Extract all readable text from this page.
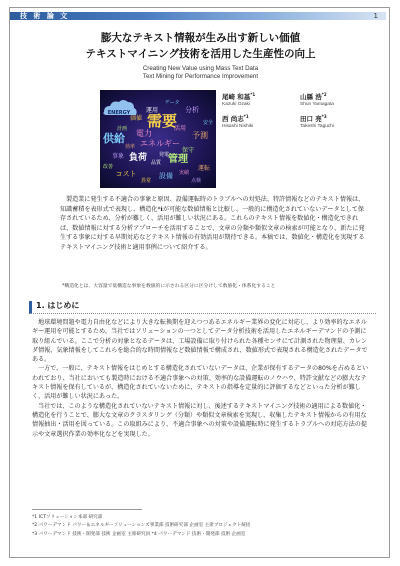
技 術 論 文	1
膨大なテキスト情報が生み出す新しい価値
テキストマイニング技術を活用した生産性の向上
Creating New Value using Mass Text Data
Text Mining for Performance Improvement
需要
供給 エネルギー
管理
負荷
分析
予測
コスト	設備
電力
保守
運用
事象
運転
価値
データ
活用
改善
品質
点検
効率
異常
安全
実績
計画
発電
ENERGY
Cloud
尾崎 和基$^{*1}$
Kazuki Ozaki
山縣 浩$^{*2}$
Shun Yamagata
西 尚志$^{*1}$
Hisashi Nishiki
田口 亮$^{*3}$
Takeshi Taguchi

製造業に発生する不適合の事象と原因、設備運転時のトラブルへの対処法、特許情報などのテキスト情報は、知識蓄積を表形式で表現し、構造化*ℹが可能な数値情報と比較し、一般的に構造化されていないデータとして保存されているため、分析が難しく、活用が難しい状況にある。これらのテキスト情報を数値化・構造化できれば、数値情報に対する分析アプローチを活用することで、文章の分類や類似文章の検索が可能となり、新たに発生する事象に対する早期対応などテキスト情報の有効活用が期待できる。本稿では、数値化・構造化を実現するテキストマイニング技術と適用事例について紹介する。

*構造化とは、大容量で低構造な事象を数値的に示される区分に区分けして数値化・体系化すること
1. はじめに

地球環境問題や電力自由化などにより大きな転換期を迎えつつあるエネルギー業界の変化に対応し、より効率的なエネルギー運用を可能とするため、当社ではソリューションの一つとしてデータ分析技術を活用したエネルギーデマンドの予測に取り組んでいる。ここで分析の対象となるデータは、工場設備に取り付けられた各種センサにて計測された物理量、カレンダ情報、気象情報をしてこれらを総合的な時間情報など数値情報で構成され、数値形式で表現される構造化されたデータである。

一方で、一般に、テキスト情報をはじめとする構造化されていないデータは、企業が保有するデータの80%を占めるといわれており、当社においても製造時における不適合事象への対策、効率的な設備運転のノウハウ、特許文献などの膨大なテキスト情報を保有しているが、構造化されていないために、テキストの指導を定量的に評価するなどといった分析が難しく、活用が難しい状況にあった。

当社では、このような構造化されていないテキスト情報に対し、後述するテキストマイニング技術の適用による数値化・構造化を行うことで、膨大な文章のクラスタリング（分類）や類似文章検索を実現し、収集したテキスト情報からの有用な情報抽出・活用を図っている。この取組みにより、不適合事象への対策や設備運転時に発生するトラブルへの対応方法の提示や文章選択作業の効率化などを実現した。

*1 ICTソリューション本部 研究部
*2 パワーデマンド パワー＆エネルギーソリューションズ事業部 技術研究部 企画室 主席プロジェクト統括
*3 パワーデマンド 技術・開発部 技術 企画室 主席研究員 *4 パワーデマンド 技術・開発部 技術 企画室
